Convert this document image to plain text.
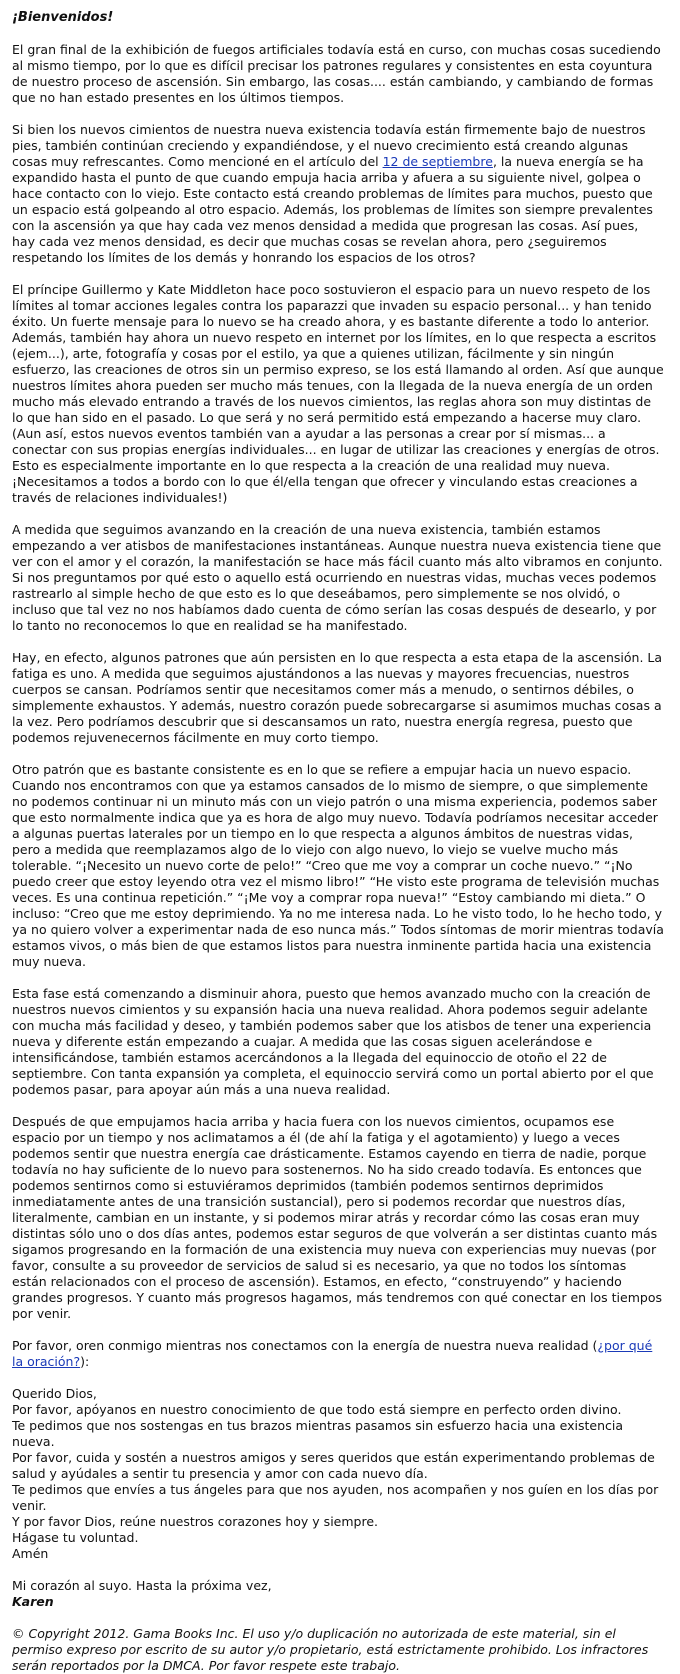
¡Bienvenidos!

El gran final de la exhibición de fuegos artificiales todavía está en curso, con muchas cosas sucediendo al mismo tiempo, por lo que es difícil precisar los patrones regulares y consistentes en esta coyuntura de nuestro proceso de ascensión. Sin embargo, las cosas.... están cambiando, y cambiando de formas que no han estado presentes en los últimos tiempos.

Si bien los nuevos cimientos de nuestra nueva existencia todavía están firmemente bajo de nuestros pies, también continúan creciendo y expandiéndose, y el nuevo crecimiento está creando algunas cosas muy refrescantes. Como mencioné en el artículo del 12 de septiembre, la nueva energía se ha expandido hasta el punto de que cuando empuja hacia arriba y afuera a su siguiente nivel, golpea o hace contacto con lo viejo. Este contacto está creando problemas de límites para muchos, puesto que un espacio está golpeando al otro espacio. Además, los problemas de límites son siempre prevalentes con la ascensión ya que hay cada vez menos densidad a medida que progresan las cosas. Así pues, hay cada vez menos densidad, es decir que muchas cosas se revelan ahora, pero ¿seguiremos respetando los límites de los demás y honrando los espacios de los otros?

El príncipe Guillermo y Kate Middleton hace poco sostuvieron el espacio para un nuevo respeto de los límites al tomar acciones legales contra los paparazzi que invaden su espacio personal... y han tenido éxito. Un fuerte mensaje para lo nuevo se ha creado ahora, y es bastante diferente a todo lo anterior. Además, también hay ahora un nuevo respeto en internet por los límites, en lo que respecta a escritos (ejem...), arte, fotografía y cosas por el estilo, ya que a quienes utilizan, fácilmente y sin ningún esfuerzo, las creaciones de otros sin un permiso expreso, se los está llamando al orden. Así que aunque nuestros límites ahora pueden ser mucho más tenues, con la llegada de la nueva energía de un orden mucho más elevado entrando a través de los nuevos cimientos, las reglas ahora son muy distintas de lo que han sido en el pasado. Lo que será y no será permitido está empezando a hacerse muy claro. (Aun así, estos nuevos eventos también van a ayudar a las personas a crear por sí mismas... a conectar con sus propias energías individuales... en lugar de utilizar las creaciones y energías de otros. Esto es especialmente importante en lo que respecta a la creación de una realidad muy nueva. ¡Necesitamos a todos a bordo con lo que él/ella tengan que ofrecer y vinculando estas creaciones a través de relaciones individuales!)

A medida que seguimos avanzando en la creación de una nueva existencia, también estamos empezando a ver atisbos de manifestaciones instantáneas. Aunque nuestra nueva existencia tiene que ver con el amor y el corazón, la manifestación se hace más fácil cuanto más alto vibramos en conjunto. Si nos preguntamos por qué esto o aquello está ocurriendo en nuestras vidas, muchas veces podemos rastrearlo al simple hecho de que esto es lo que deseábamos, pero simplemente se nos olvidó, o incluso que tal vez no nos habíamos dado cuenta de cómo serían las cosas después de desearlo, y por lo tanto no reconocemos lo que en realidad se ha manifestado.

Hay, en efecto, algunos patrones que aún persisten en lo que respecta a esta etapa de la ascensión. La fatiga es uno. A medida que seguimos ajustándonos a las nuevas y mayores frecuencias, nuestros cuerpos se cansan. Podríamos sentir que necesitamos comer más a menudo, o sentirnos débiles, o simplemente exhaustos. Y además, nuestro corazón puede sobrecargarse si asumimos muchas cosas a la vez. Pero podríamos descubrir que si descansamos un rato, nuestra energía regresa, puesto que podemos rejuvenecernos fácilmente en muy corto tiempo.

Otro patrón que es bastante consistente es en lo que se refiere a empujar hacia un nuevo espacio. Cuando nos encontramos con que ya estamos cansados de lo mismo de siempre, o que simplemente no podemos continuar ni un minuto más con un viejo patrón o una misma experiencia, podemos saber que esto normalmente indica que ya es hora de algo muy nuevo. Todavía podríamos necesitar acceder a algunas puertas laterales por un tiempo en lo que respecta a algunos ámbitos de nuestras vidas, pero a medida que reemplazamos algo de lo viejo con algo nuevo, lo viejo se vuelve mucho más tolerable. “¡Necesito un nuevo corte de pelo!” “Creo que me voy a comprar un coche nuevo.” “¡No puedo creer que estoy leyendo otra vez el mismo libro!” “He visto este programa de televisión muchas veces. Es una continua repetición.” “¡Me voy a comprar ropa nueva!” “Estoy cambiando mi dieta.” O incluso: “Creo que me estoy deprimiendo. Ya no me interesa nada. Lo he visto todo, lo he hecho todo, y ya no quiero volver a experimentar nada de eso nunca más.” Todos síntomas de morir mientras todavía estamos vivos, o más bien de que estamos listos para nuestra inminente partida hacia una existencia muy nueva.

Esta fase está comenzando a disminuir ahora, puesto que hemos avanzado mucho con la creación de nuestros nuevos cimientos y su expansión hacia una nueva realidad. Ahora podemos seguir adelante con mucha más facilidad y deseo, y también podemos saber que los atisbos de tener una experiencia nueva y diferente están empezando a cuajar. A medida que las cosas siguen acelerándose e intensificándose, también estamos acercándonos a la llegada del equinoccio de otoño el 22 de septiembre. Con tanta expansión ya completa, el equinoccio servirá como un portal abierto por el que podemos pasar, para apoyar aún más a una nueva realidad.

Después de que empujamos hacia arriba y hacia fuera con los nuevos cimientos, ocupamos ese espacio por un tiempo y nos aclimatamos a él (de ahí la fatiga y el agotamiento) y luego a veces podemos sentir que nuestra energía cae drásticamente. Estamos cayendo en tierra de nadie, porque todavía no hay suficiente de lo nuevo para sostenernos. No ha sido creado todavía. Es entonces que podemos sentirnos como si estuviéramos deprimidos (también podemos sentirnos deprimidos inmediatamente antes de una transición sustancial), pero si podemos recordar que nuestros días, literalmente, cambian en un instante, y si podemos mirar atrás y recordar cómo las cosas eran muy distintas sólo uno o dos días antes, podemos estar seguros de que volverán a ser distintas cuanto más sigamos progresando en la formación de una existencia muy nueva con experiencias muy nuevas (por favor, consulte a su proveedor de servicios de salud si es necesario, ya que no todos los síntomas están relacionados con el proceso de ascensión). Estamos, en efecto, “construyendo” y haciendo grandes progresos. Y cuanto más progresos hagamos, más tendremos con qué conectar en los tiempos por venir.

Por favor, oren conmigo mientras nos conectamos con la energía de nuestra nueva realidad (¿por qué la oración?):

Querido Dios,
Por favor, apóyanos en nuestro conocimiento de que todo está siempre en perfecto orden divino.
Te pedimos que nos sostengas en tus brazos mientras pasamos sin esfuerzo hacia una existencia nueva.
Por favor, cuida y sostén a nuestros amigos y seres queridos que están experimentando problemas de salud y ayúdales a sentir tu presencia y amor con cada nuevo día.
Te pedimos que envíes a tus ángeles para que nos ayuden, nos acompañen y nos guíen en los días por venir.
Y por favor Dios, reúne nuestros corazones hoy y siempre.
Hágase tu voluntad.
Amén

Mi corazón al suyo. Hasta la próxima vez,
Karen

© Copyright 2012. Gama Books Inc. El uso y/o duplicación no autorizada de este material, sin el permiso expreso por escrito de su autor y/o propietario, está estrictamente prohibido. Los infractores serán reportados por la DMCA. Por favor respete este trabajo.
